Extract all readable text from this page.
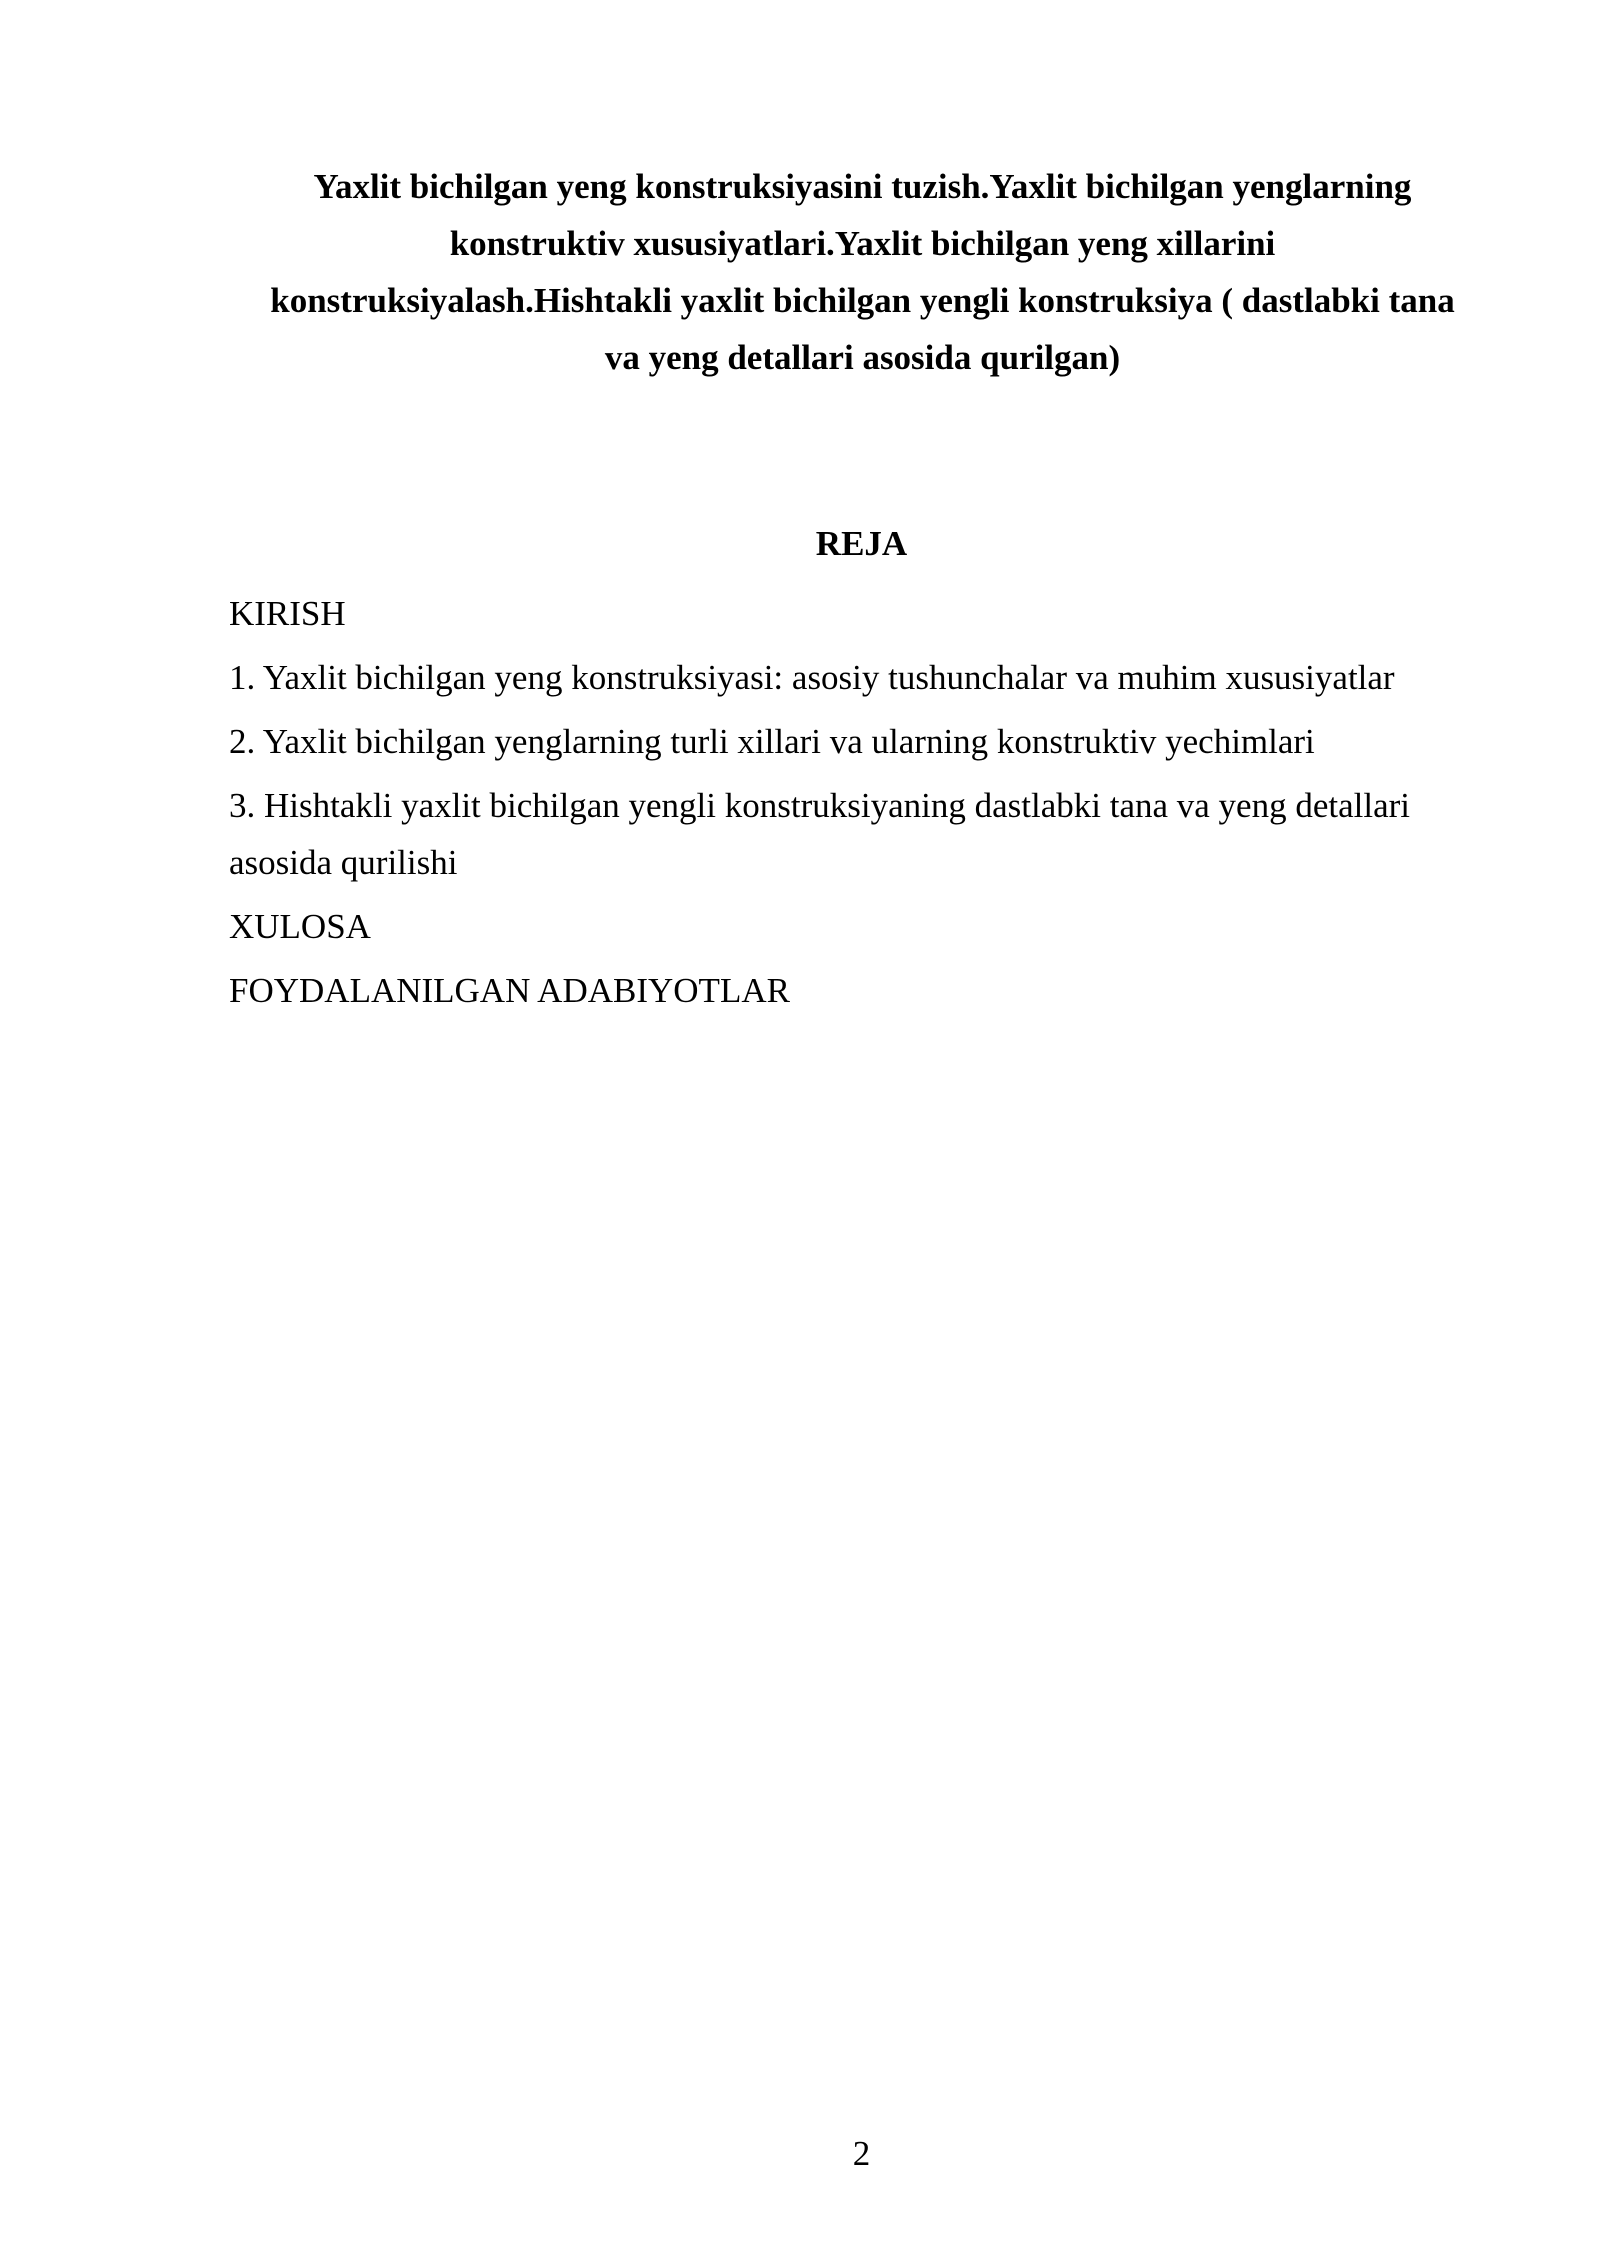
Yaxlit bichilgan yeng konstruksiyasini tuzish.Yaxlit bichilgan yenglarning konstruktiv xususiyatlari.Yaxlit bichilgan yeng xillarini konstruksiyalash.Hishtakli yaxlit bichilgan yengli konstruksiya ( dastlabki tana va yeng detallari asosida qurilgan)
REJA
KIRISH
1. Yaxlit bichilgan yeng konstruksiyasi: asosiy tushunchalar va muhim xususiyatlar
2. Yaxlit bichilgan yenglarning turli xillari va ularning konstruktiv yechimlari
3. Hishtakli yaxlit bichilgan yengli konstruksiyaning dastlabki tana va yeng detallari asosida qurilishi
XULOSA
FOYDALANILGAN ADABIYOTLAR
2
